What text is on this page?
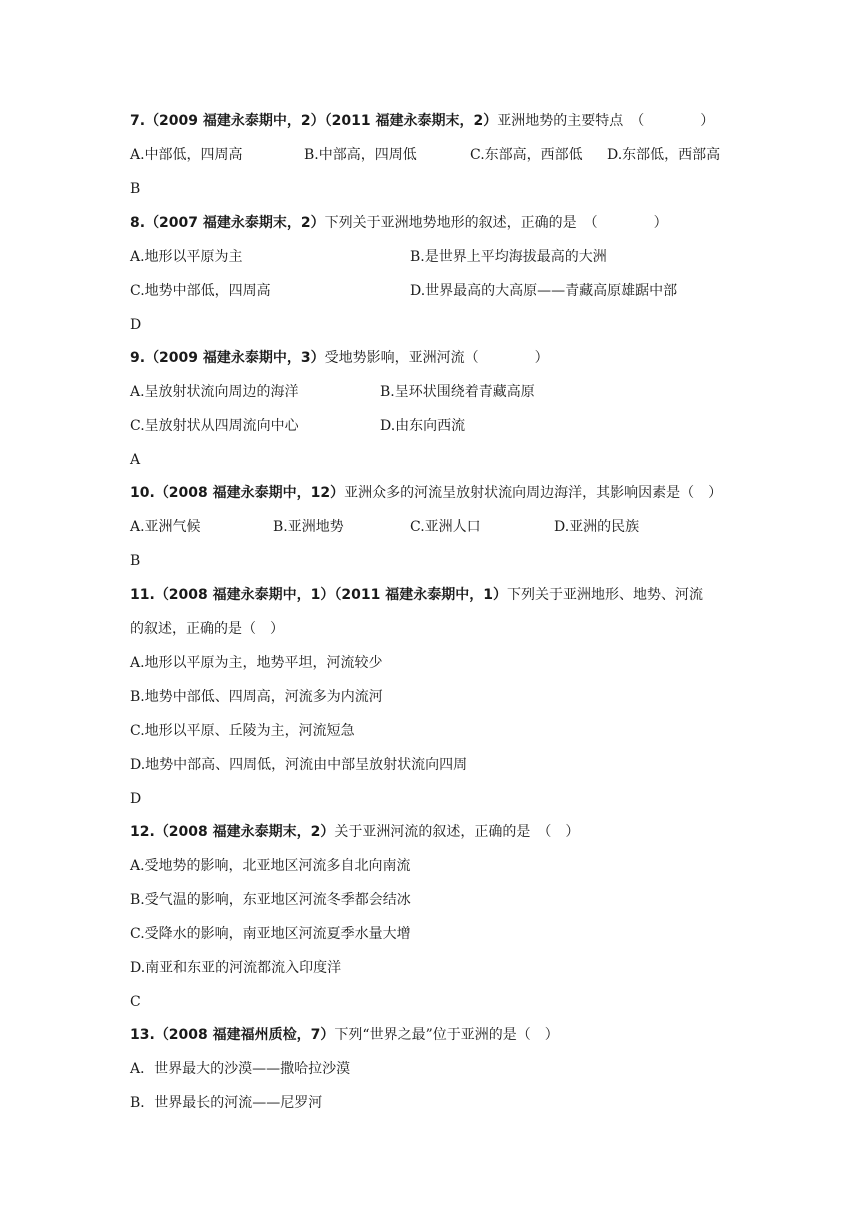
7.（2009 福建永泰期中，2）（2011 福建永泰期末，2）亚洲地势的主要特点　（　　　　）
A.中部低，四周高	B.中部高，四周低	C.东部高，西部低 D.东部低，西部高
B
8.（2007 福建永泰期末，2）下列关于亚洲地势地形的叙述，正确的是　（　　　　）
A.地形以平原为主	B.是世界上平均海拔最高的大洲
C.地势中部低，四周高	D.世界最高的大高原——青藏高原雄踞中部
D
9.（2009 福建永泰期中，3）受地势影响，亚洲河流（　　　　）
A.呈放射状流向周边的海洋	B.呈环状围绕着青藏高原
C.呈放射状从四周流向中心	D.由东向西流
A
10.（2008 福建永泰期中，12）亚洲众多的河流呈放射状流向周边海洋，其影响因素是（　）
A.亚洲气候	B.亚洲地势	C.亚洲人口	D.亚洲的民族
B
11.（2008 福建永泰期中，1）（2011 福建永泰期中，1）下列关于亚洲地形、地势、河流
的叙述，正确的是（　）
A.地形以平原为主，地势平坦，河流较少
B.地势中部低、四周高，河流多为内流河
C.地形以平原、丘陵为主，河流短急
D.地势中部高、四周低，河流由中部呈放射状流向四周
D
12.（2008 福建永泰期末，2）关于亚洲河流的叙述，正确的是　（　）
A.受地势的影响，北亚地区河流多自北向南流
B.受气温的影响，东亚地区河流冬季都会结冰
C.受降水的影响，南亚地区河流夏季水量大增
D.南亚和东亚的河流都流入印度洋
C
13.（2008 福建福州质检，7）下列“世界之最”位于亚洲的是（　）
A．世界最大的沙漠——撒哈拉沙漠
B．世界最长的河流——尼罗河
